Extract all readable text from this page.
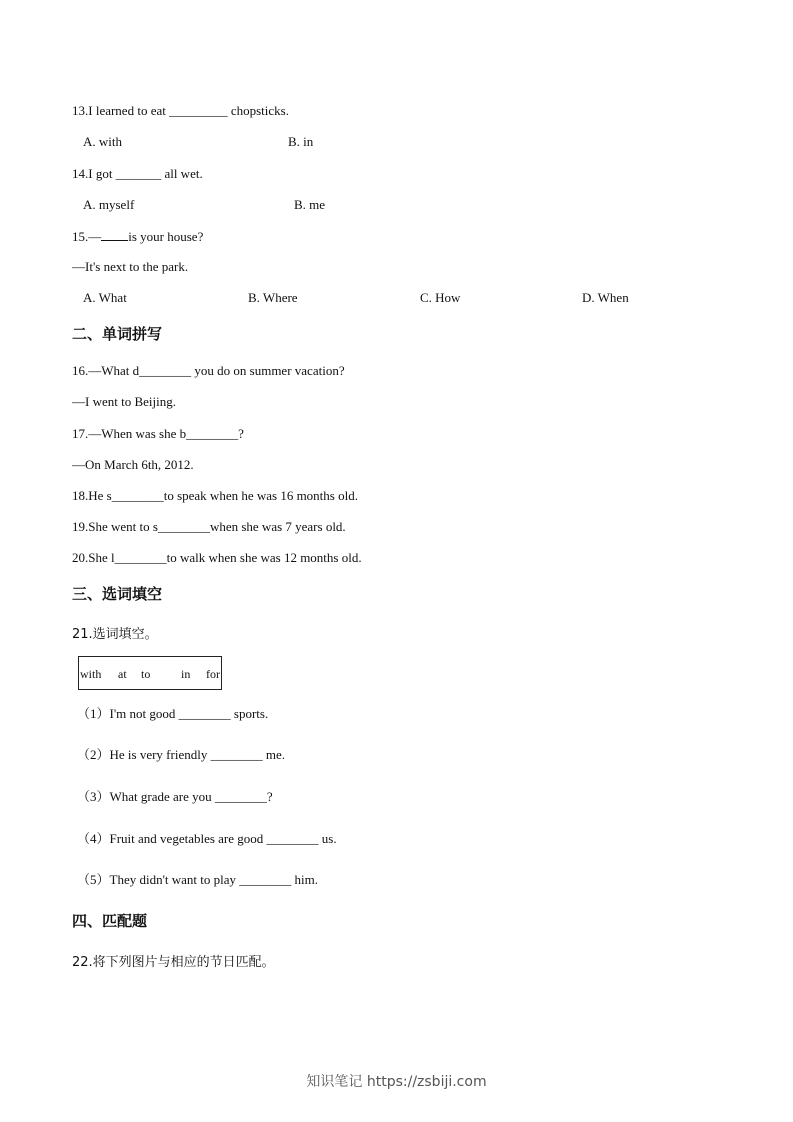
13.I learned to eat _________ chopsticks.
A. with	B. in
14.I got _______ all wet.
A. myself	B. me
15.— is your house?
—It's next to the park.
A. What	B. Where	C. How	D. When
二、单词拼写
16.—What d________ you do on summer vacation?
—I went to Beijing.
17.—When was she b________?
—On March 6th, 2012.
18.He s________to speak when he was 16 months old.
19.She went to s________when she was 7 years old.
20.She l________to walk when she was 12 months old.
三、选词填空
21.选词填空。
with at to	in for
（1）I'm not good ________ sports.
（2）He is very friendly ________ me.
（3）What grade are you ________?
（4）Fruit and vegetables are good ________ us.
（5）They didn't want to play ________ him.
四、匹配题
22.将下列图片与相应的节日匹配。
知识笔记 https://zsbiji.com
